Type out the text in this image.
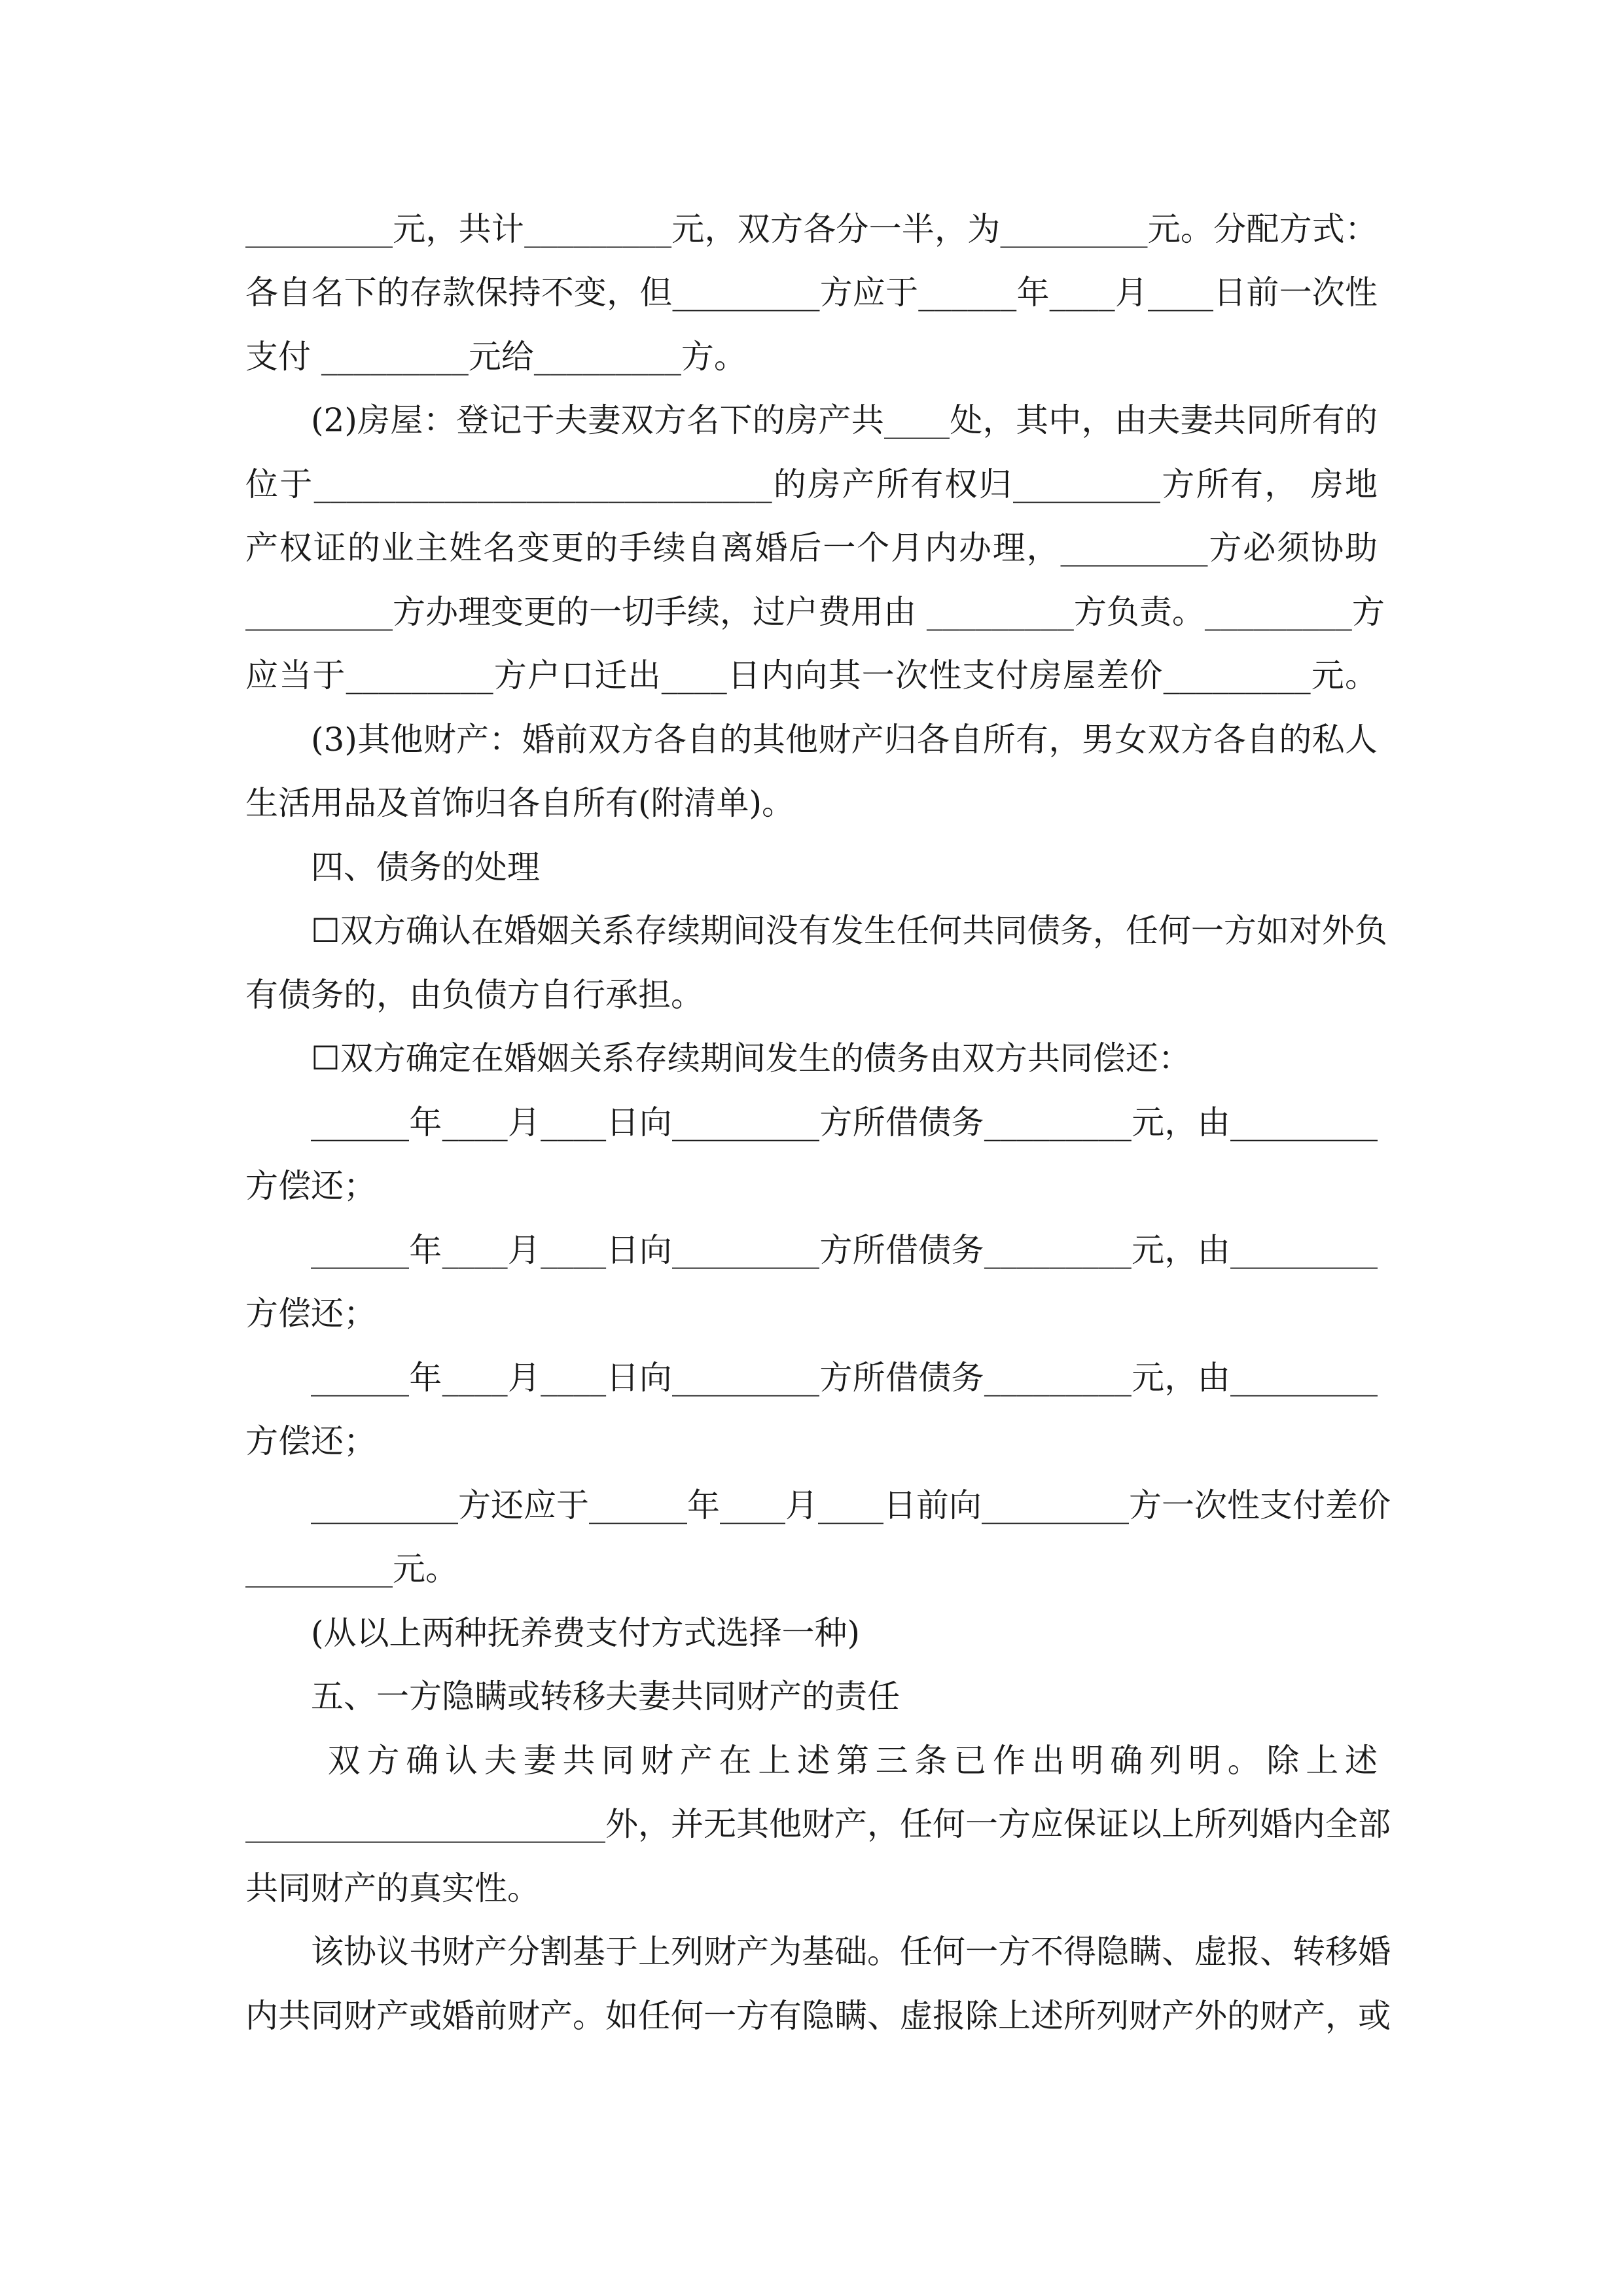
_________元，共计_________元，双方各分一半，为_________元。分配方式：

各自名下的存款保持不变，但_________方应于______年____月____日前一次性

支付 _________元给_________方。

(2)房屋：登记于夫妻双方名下的房产共____处，其中，由夫妻共同所有的

位于____________________________的房产所有权归_________方所有， 房地

产权证的业主姓名变更的手续自离婚后一个月内办理，_________方必须协助

_________方办理变更的一切手续，过户费用由 _________方负责。_________方

应当于_________方户口迁出____日内向其一次性支付房屋差价_________元。

(3)其他财产：婚前双方各自的其他财产归各自所有，男女双方各自的私人

生活用品及首饰归各自所有(附清单)。

四、债务的处理

☐双方确认在婚姻关系存续期间没有发生任何共同债务，任何一方如对外负

有债务的，由负债方自行承担。

☐双方确定在婚姻关系存续期间发生的债务由双方共同偿还：

______年____月____日向_________方所借债务_________元，由_________

方偿还；

______年____月____日向_________方所借债务_________元，由_________

方偿还；

______年____月____日向_________方所借债务_________元，由_________

方偿还；

_________方还应于______年____月____日前向_________方一次性支付差价

_________元。

(从以上两种抚养费支付方式选择一种)

五、一方隐瞒或转移夫妻共同财产的责任

双方确认夫妻共同财产在上述第三条已作出明确列明。除上述

______________________外，并无其他财产，任何一方应保证以上所列婚内全部

共同财产的真实性。

该协议书财产分割基于上列财产为基础。任何一方不得隐瞒、虚报、转移婚

内共同财产或婚前财产。如任何一方有隐瞒、虚报除上述所列财产外的财产，或
